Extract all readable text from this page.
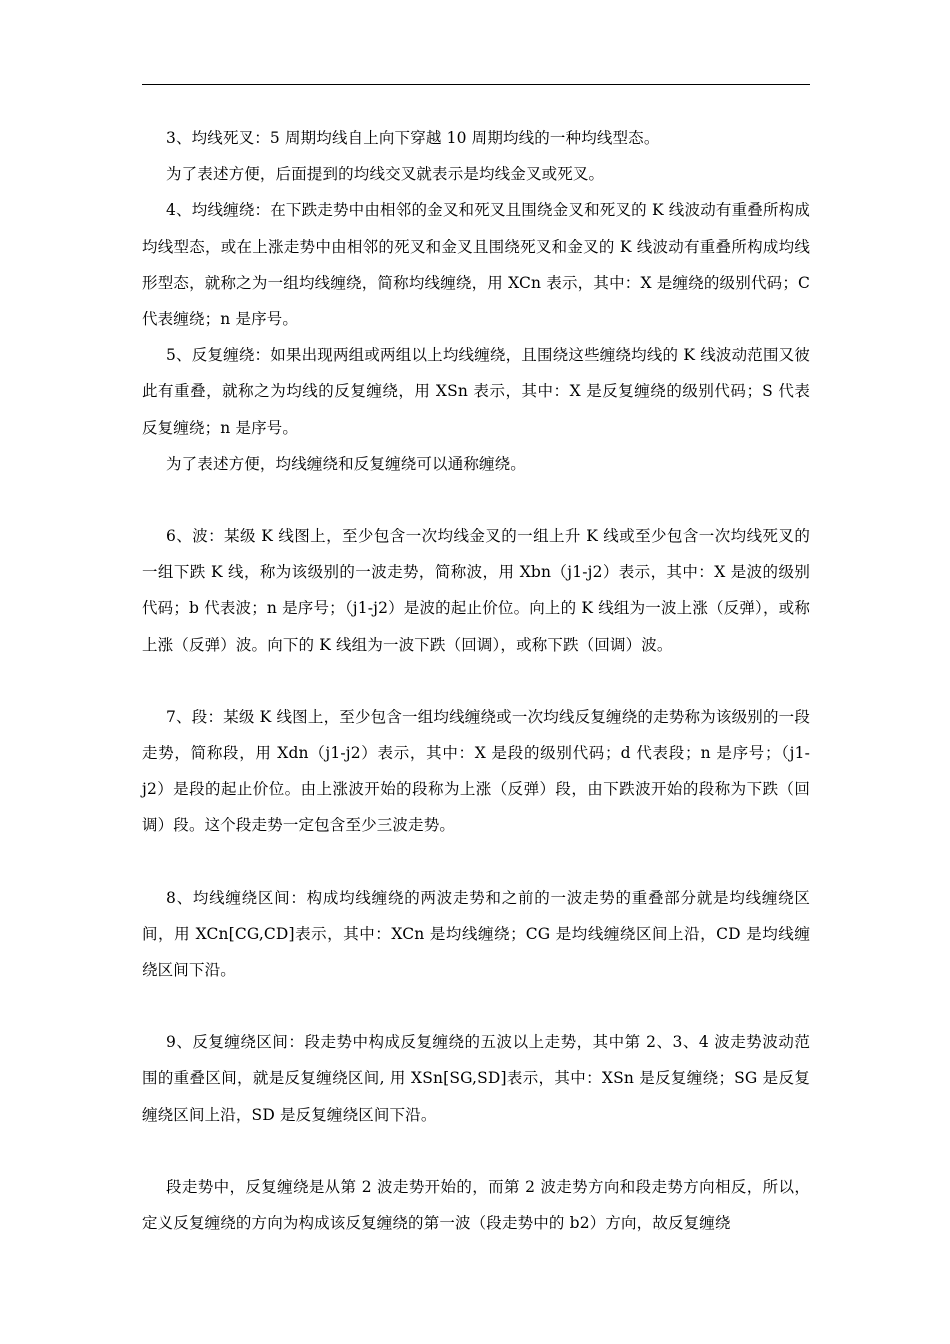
3、均线死叉：5 周期均线自上向下穿越 10 周期均线的一种均线型态。

为了表述方便，后面提到的均线交叉就表示是均线金叉或死叉。

4、均线缠绕：在下跌走势中由相邻的金叉和死叉且围绕金叉和死叉的 K 线波动有重叠所构成均线型态，或在上涨走势中由相邻的死叉和金叉且围绕死叉和金叉的 K 线波动有重叠所构成均线形型态，就称之为一组均线缠绕，简称均线缠绕，用 XCn 表示，其中：X 是缠绕的级别代码；C 代表缠绕；n 是序号。

5、反复缠绕：如果出现两组或两组以上均线缠绕，且围绕这些缠绕均线的 K 线波动范围又彼此有重叠，就称之为均线的反复缠绕，用 XSn 表示，其中：X 是反复缠绕的级别代码；S 代表反复缠绕；n 是序号。

为了表述方便，均线缠绕和反复缠绕可以通称缠绕。

6、波：某级 K 线图上，至少包含一次均线金叉的一组上升 K 线或至少包含一次均线死叉的一组下跌 K 线，称为该级别的一波走势，简称波，用 Xbn（j1-j2）表示，其中：X 是波的级别代码；b 代表波；n 是序号；（j1-j2）是波的起止价位。向上的 K 线组为一波上涨（反弹），或称上涨（反弹）波。向下的 K 线组为一波下跌（回调），或称下跌（回调）波。

7、段：某级 K 线图上，至少包含一组均线缠绕或一次均线反复缠绕的走势称为该级别的一段走势，简称段，用 Xdn（j1-j2）表示，其中：X 是段的级别代码；d 代表段；n 是序号；（j1-j2）是段的起止价位。由上涨波开始的段称为上涨（反弹）段，由下跌波开始的段称为下跌（回调）段。这个段走势一定包含至少三波走势。

8、均线缠绕区间：构成均线缠绕的两波走势和之前的一波走势的重叠部分就是均线缠绕区间，用 XCn[CG,CD]表示，其中：XCn 是均线缠绕；CG 是均线缠绕区间上沿，CD 是均线缠绕区间下沿。

9、反复缠绕区间：段走势中构成反复缠绕的五波以上走势，其中第 2、3、4 波走势波动范围的重叠区间，就是反复缠绕区间, 用 XSn[SG,SD]表示，其中：XSn 是反复缠绕；SG 是反复缠绕区间上沿，SD 是反复缠绕区间下沿。

段走势中，反复缠绕是从第 2 波走势开始的，而第 2 波走势方向和段走势方向相反，所以，定义反复缠绕的方向为构成该反复缠绕的第一波（段走势中的 b2）方向，故反复缠绕
